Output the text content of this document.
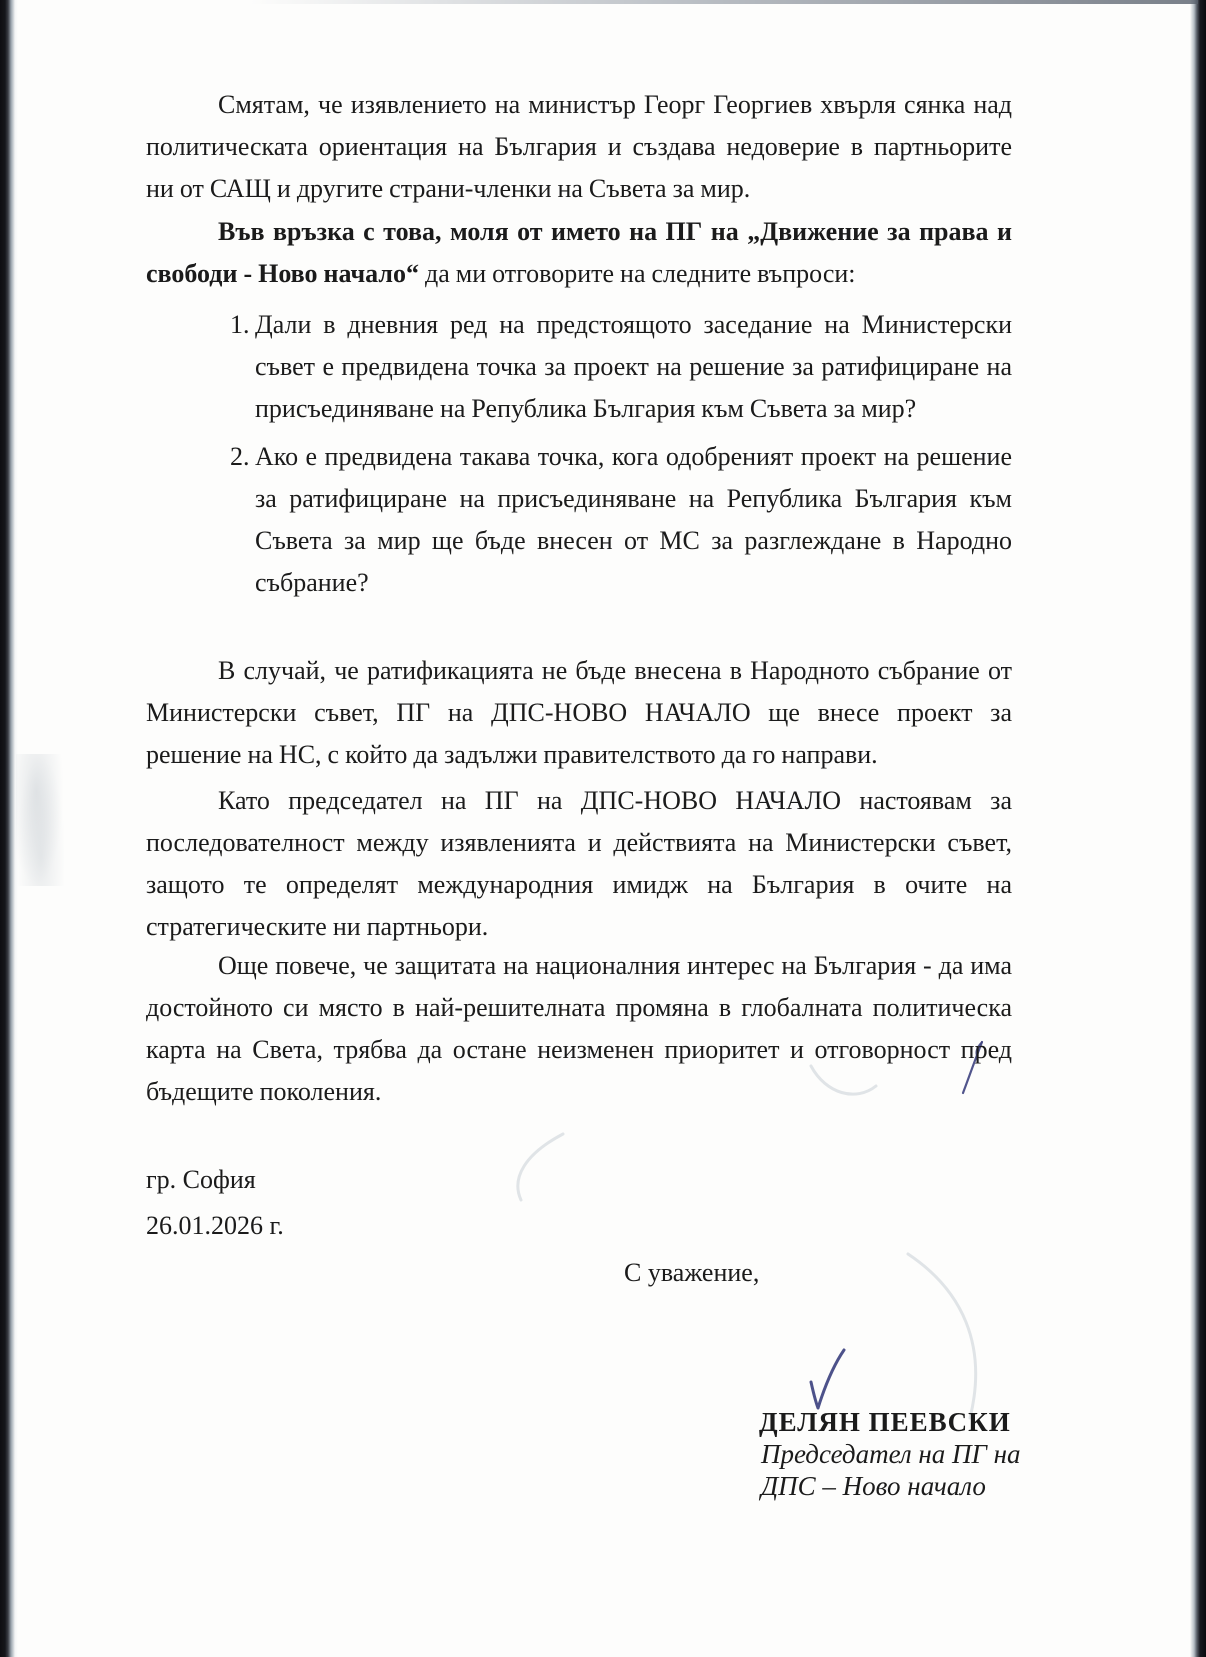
Смятам, че изявлението на министър Георг Георгиев хвърля сянка над
политическата ориентация на България и създава недоверие в партньорите
ни от САЩ и другите страни-членки на Съвета за мир.
Във връзка с това, моля от името на ПГ на „Движение за права и
свободи - Ново начало“ да ми отговорите на следните въпроси:
1. Дали в дневния ред на предстоящото заседание на Министерски
съвет е предвидена точка за проект на решение за ратифициране на
присъединяване на Република България към Съвета за мир?
2. Ако е предвидена такава точка, кога одобреният проект на решение
за ратифициране на присъединяване на Република България към
Съвета за мир ще бъде внесен от МС за разглеждане в Народно
събрание?
В случай, че ратификацията не бъде внесена в Народното събрание от
Министерски съвет, ПГ на ДПС-НОВО НАЧАЛО ще внесе проект за
решение на НС, с който да задължи правителството да го направи.
Като председател на ПГ на ДПС-НОВО НАЧАЛО настоявам за
последователност между изявленията и действията на Министерски съвет,
защото те определят международния имидж на България в очите на
стратегическите ни партньори.
Още повече, че защитата на националния интерес на България - да има
достойното си място в най-решителната промяна в глобалната политическа
карта на Света, трябва да остане неизменен приоритет и отговорност пред
бъдещите поколения.
гр. София
26.01.2026 г.
С уважение,
ДЕЛЯН ПЕЕВСКИ
Председател на ПГ на
ДПС – Ново начало
